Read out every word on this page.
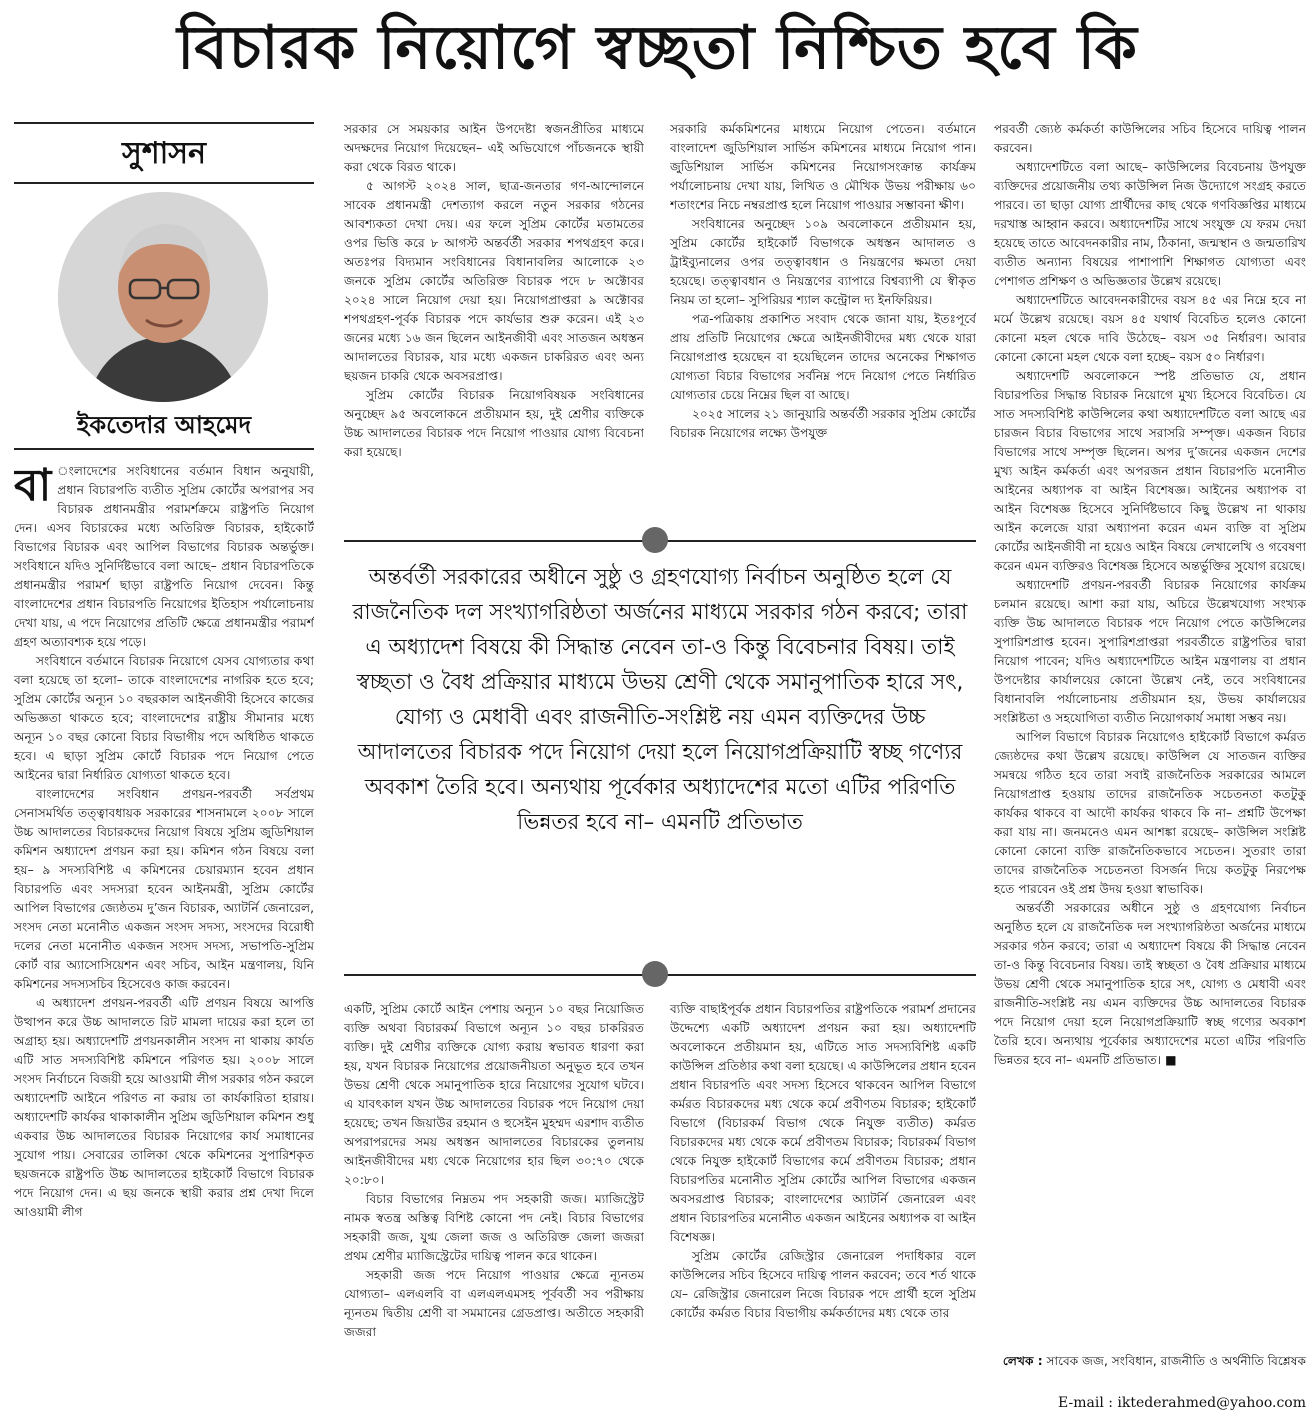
বিচারক নিয়োগে স্বচ্ছতা নিশ্চিত হবে কি
সুশাসন
ইকতেদার আহমেদ

বা ংলাদেশের সংবিধানের বর্তমান বিধান অনুযায়ী, প্রধান বিচারপতি ব্যতীত সুপ্রিম কোর্টের অপরাপর সব বিচারক প্রধানমন্ত্রীর পরামর্শক্রমে রাষ্ট্রপতি নিয়োগ দেন। এসব বিচারকের মধ্যে অতিরিক্ত বিচারক, হাইকোর্ট বিভাগের বিচারক এবং আপিল বিভাগের বিচারক অন্তর্ভুক্ত। সংবিধানে যদিও সুনির্দিষ্টভাবে বলা আছে– প্রধান বিচারপতিকে প্রধানমন্ত্রীর পরামর্শ ছাড়া রাষ্ট্রপতি নিয়োগ দেবেন। কিন্তু বাংলাদেশের প্রধান বিচারপতি নিয়োগের ইতিহাস পর্যালোচনায় দেখা যায়, এ পদে নিয়োগের প্রতিটি ক্ষেত্রে প্রধানমন্ত্রীর পরামর্শ গ্রহণ অত্যাবশ্যক হয়ে পড়ে।

সংবিধানে বর্তমানে বিচারক নিয়োগে যেসব যোগ্যতার কথা বলা হয়েছে তা হলো– তাকে বাংলাদেশের নাগরিক হতে হবে; সুপ্রিম কোর্টের অন্যূন ১০ বছরকাল আইনজীবী হিসেবে কাজের অভিজ্ঞতা থাকতে হবে; বাংলাদেশের রাষ্ট্রীয় সীমানার মধ্যে অন্যূন ১০ বছর কোনো বিচার বিভাগীয় পদে অধিষ্ঠিত থাকতে হবে। এ ছাড়া সুপ্রিম কোর্টে বিচারক পদে নিয়োগ পেতে আইনের দ্বারা নির্ধারিত যোগ্যতা থাকতে হবে।

বাংলাদেশের সংবিধান প্রণয়ন-পরবর্তী সর্বপ্রথম সেনাসমর্থিত তত্ত্বাবধায়ক সরকারের শাসনামলে ২০০৮ সালে উচ্চ আদালতের বিচারকদের নিয়োগ বিষয়ে সুপ্রিম জুডিশিয়াল কমিশন অধ্যাদেশ প্রণয়ন করা হয়। কমিশন গঠন বিষয়ে বলা হয়– ৯ সদস্যবিশিষ্ট এ কমিশনের চেয়ারম্যান হবেন প্রধান বিচারপতি এবং সদস্যরা হবেন আইনমন্ত্রী, সুপ্রিম কোর্টের আপিল বিভাগের জ্যেষ্ঠতম দু’জন বিচারক, অ্যাটর্নি জেনারেল, সংসদ নেতা মনোনীত একজন সংসদ সদস্য, সংসদের বিরোধী দলের নেতা মনোনীত একজন সংসদ সদস্য, সভাপতি-সুপ্রিম কোর্ট বার অ্যাসোসিয়েশন এবং সচিব, আইন মন্ত্রণালয়, যিনি কমিশনের সদস্যসচিব হিসেবেও কাজ করবেন।

এ অধ্যাদেশ প্রণয়ন-পরবর্তী এটি প্রণয়ন বিষয়ে আপত্তি উত্থাপন করে উচ্চ আদালতে রিট মামলা দায়ের করা হলে তা অগ্রাহ্য হয়। অধ্যাদেশটি প্রণয়নকালীন সংসদ না থাকায় কার্যত এটি সাত সদস্যবিশিষ্ট কমিশনে পরিণত হয়। ২০০৮ সালে সংসদ নির্বাচনে বিজয়ী হয়ে আওয়ামী লীগ সরকার গঠন করলে অধ্যাদেশটি আইনে পরিণত না করায় তা কার্যকারিতা হারায়। অধ্যাদেশটি কার্যকর থাকাকালীন সুপ্রিম জুডিশিয়াল কমিশন শুধু একবার উচ্চ আদালতের বিচারক নিয়োগের কার্য সমাধানের সুযোগ পায়। সেবারের তালিকা থেকে কমিশনের সুপারিশকৃত ছয়জনকে রাষ্ট্রপতি উচ্চ আদালতের হাইকোর্ট বিভাগে বিচারক পদে নিয়োগ দেন। এ ছয় জনকে স্থায়ী করার প্রশ্ন দেখা দিলে আওয়ামী লীগ

সরকার সে সময়কার আইন উপদেষ্টা স্বজনপ্রীতির মাধ্যমে অদক্ষদের নিয়োগ দিয়েছেন– এই অভিযোগে পাঁচজনকে স্থায়ী করা থেকে বিরত থাকে।

৫ আগস্ট ২০২৪ সাল, ছাত্র-জনতার গণ-আন্দোলনে সাবেক প্রধানমন্ত্রী দেশত্যাগ করলে নতুন সরকার গঠনের আবশ্যকতা দেখা দেয়। এর ফলে সুপ্রিম কোর্টের মতামতের ওপর ভিত্তি করে ৮ আগস্ট অন্তর্বর্তী সরকার শপথগ্রহণ করে। অতঃপর বিদ্যমান সংবিধানের বিধানাবলির আলোকে ২৩ জনকে সুপ্রিম কোর্টের অতিরিক্ত বিচারক পদে ৮ অক্টোবর ২০২৪ সালে নিয়োগ দেয়া হয়। নিয়োগপ্রাপ্তরা ৯ অক্টোবর শপথগ্রহণ-পূর্বক বিচারক পদে কার্যভার শুরু করেন। এই ২৩ জনের মধ্যে ১৬ জন ছিলেন আইনজীবী এবং সাতজন অধস্তন আদালতের বিচারক, যার মধ্যে একজন চাকরিরত এবং অন্য ছয়জন চাকরি থেকে অবসরপ্রাপ্ত।

সুপ্রিম কোর্টের বিচারক নিয়োগবিষয়ক সংবিধানের অনুচ্ছেদ ৯৫ অবলোকনে প্রতীয়মান হয়, দুই শ্রেণীর ব্যক্তিকে উচ্চ আদালতের বিচারক পদে নিয়োগ পাওয়ার যোগ্য বিবেচনা করা হয়েছে।

সরকারি কর্মকমিশনের মাধ্যমে নিয়োগ পেতেন। বর্তমানে বাংলাদেশ জুডিশিয়াল সার্ভিস কমিশনের মাধ্যমে নিয়োগ পান। জুডিশিয়াল সার্ভিস কমিশনের নিয়োগসংক্রান্ত কার্যক্রম পর্যালোচনায় দেখা যায়, লিখিত ও মৌখিক উভয় পরীক্ষায় ৬০ শতাংশের নিচে নম্বরপ্রাপ্ত হলে নিয়োগ পাওয়ার সম্ভাবনা ক্ষীণ।

সংবিধানের অনুচ্ছেদ ১০৯ অবলোকনে প্রতীয়মান হয়, সুপ্রিম কোর্টের হাইকোর্ট বিভাগকে অধস্তন আদালত ও ট্রাইব্যুনালের ওপর তত্ত্বাবধান ও নিয়ন্ত্রণের ক্ষমতা দেয়া হয়েছে। তত্ত্বাবধান ও নিয়ন্ত্রণের ব্যাপারে বিশ্বব্যাপী যে স্বীকৃত নিয়ম তা হলো– সুপিরিয়র শ্যাল কন্ট্রোল দ্য ইনফিরিয়র।

পত্র-পত্রিকায় প্রকাশিত সংবাদ থেকে জানা যায়, ইতঃপূর্বে প্রায় প্রতিটি নিয়োগের ক্ষেত্রে আইনজীবীদের মধ্য থেকে যারা নিয়োগপ্রাপ্ত হয়েছেন বা হয়েছিলেন তাদের অনেকের শিক্ষাগত যোগ্যতা বিচার বিভাগের সর্বনিম্ন পদে নিয়োগ পেতে নির্ধারিত যোগ্যতার চেয়ে নিম্নের ছিল বা আছে।

২০২৫ সালের ২১ জানুয়ারি অন্তর্বর্তী সরকার সুপ্রিম কোর্টের বিচারক নিয়োগের লক্ষ্যে উপযুক্ত

অন্তর্বর্তী সরকারের অধীনে সুষ্ঠু ও গ্রহণযোগ্য নির্বাচন অনুষ্ঠিত হলে যে রাজনৈতিক দল সংখ্যাগরিষ্ঠতা অর্জনের মাধ্যমে সরকার গঠন করবে; তারা এ অধ্যাদেশ বিষয়ে কী সিদ্ধান্ত নেবেন তা-ও কিন্তু বিবেচনার বিষয়। তাই স্বচ্ছতা ও বৈধ প্রক্রিয়ার মাধ্যমে উভয় শ্রেণী থেকে সমানুপাতিক হারে সৎ, যোগ্য ও মেধাবী এবং রাজনীতি-সংশ্লিষ্ট নয় এমন ব্যক্তিদের উচ্চ আদালতের বিচারক পদে নিয়োগ দেয়া হলে নিয়োগপ্রক্রিয়াটি স্বচ্ছ গণ্যের অবকাশ তৈরি হবে। অন্যথায় পূর্বেকার অধ্যাদেশের মতো এটির পরিণতি ভিন্নতর হবে না– এমনটি প্রতিভাত

একটি, সুপ্রিম কোর্টে আইন পেশায় অন্যূন ১০ বছর নিয়োজিত ব্যক্তি অথবা বিচারকর্ম বিভাগে অন্যূন ১০ বছর চাকরিরত ব্যক্তি। দুই শ্রেণীর ব্যক্তিকে যোগ্য করায় স্বভাবত ধারণা করা হয়, যখন বিচারক নিয়োগের প্রয়োজনীয়তা অনুভূত হবে তখন উভয় শ্রেণী থেকে সমানুপাতিক হারে নিয়োগের সুযোগ ঘটবে। এ যাবৎকাল যখন উচ্চ আদালতের বিচারক পদে নিয়োগ দেয়া হয়েছে; তখন জিয়াউর রহমান ও হুসেইন মুহম্মদ এরশাদ ব্যতীত অপরাপরদের সময় অধস্তন আদালতের বিচারকের তুলনায় আইনজীবীদের মধ্য থেকে নিয়োগের হার ছিল ৩০:৭০ থেকে ২০:৮০।

বিচার বিভাগের নিম্নতম পদ সহকারী জজ। ম্যাজিস্ট্রেট নামক স্বতন্ত্র অস্তিত্ব বিশিষ্ট কোনো পদ নেই। বিচার বিভাগের সহকারী জজ, যুগ্ম জেলা জজ ও অতিরিক্ত জেলা জজরা প্রথম শ্রেণীর ম্যাজিস্ট্রেটের দায়িত্ব পালন করে থাকেন।

সহকারী জজ পদে নিয়োগ পাওয়ার ক্ষেত্রে ন্যূনতম যোগ্যতা– এলএলবি বা এলএলএমসহ পূর্ববর্তী সব পরীক্ষায় ন্যূনতম দ্বিতীয় শ্রেণী বা সমমানের গ্রেডপ্রাপ্ত। অতীতে সহকারী জজরা

ব্যক্তি বাছাইপূর্বক প্রধান বিচারপতির রাষ্ট্রপতিকে পরামর্শ প্রদানের উদ্দেশ্যে একটি অধ্যাদেশ প্রণয়ন করা হয়। অধ্যাদেশটি অবলোকনে প্রতীয়মান হয়, এটিতে সাত সদস্যবিশিষ্ট একটি কাউন্সিল প্রতিষ্ঠার কথা বলা হয়েছে। এ কাউন্সিলের প্রধান হবেন প্রধান বিচারপতি এবং সদস্য হিসেবে থাকবেন আপিল বিভাগে কর্মরত বিচারকদের মধ্য থেকে কর্মে প্রবীণতম বিচারক; হাইকোর্ট বিভাগে (বিচারকর্ম বিভাগ থেকে নিযুক্ত ব্যতীত) কর্মরত বিচারকদের মধ্য থেকে কর্মে প্রবীণতম বিচারক; বিচারকর্ম বিভাগ থেকে নিযুক্ত হাইকোর্ট বিভাগের কর্মে প্রবীণতম বিচারক; প্রধান বিচারপতির মনোনীত সুপ্রিম কোর্টের আপিল বিভাগের একজন অবসরপ্রাপ্ত বিচারক; বাংলাদেশের অ্যাটর্নি জেনারেল এবং প্রধান বিচারপতির মনোনীত একজন আইনের অধ্যাপক বা আইন বিশেষজ্ঞ।

সুপ্রিম কোর্টের রেজিস্ট্রার জেনারেল পদাধিকার বলে কাউন্সিলের সচিব হিসেবে দায়িত্ব পালন করবেন; তবে শর্ত থাকে যে– রেজিস্ট্রার জেনারেল নিজে বিচারক পদে প্রার্থী হলে সুপ্রিম কোর্টের কর্মরত বিচার বিভাগীয় কর্মকর্তাদের মধ্য থেকে তার

পরবর্তী জ্যেষ্ঠ কর্মকর্তা কাউন্সিলের সচিব হিসেবে দায়িত্ব পালন করবেন।

অধ্যাদেশটিতে বলা আছে– কাউন্সিলের বিবেচনায় উপযুক্ত ব্যক্তিদের প্রয়োজনীয় তথ্য কাউন্সিল নিজ উদ্যোগে সংগ্রহ করতে পারবে। তা ছাড়া যোগ্য প্রার্থীদের কাছ থেকে গণবিজ্ঞপ্তির মাধ্যমে দরখাস্ত আহ্বান করবে। অধ্যাদেশটির সাথে সংযুক্ত যে ফরম দেয়া হয়েছে তাতে আবেদনকারীর নাম, ঠিকানা, জন্মস্থান ও জন্মতারিখ ব্যতীত অন্যান্য বিষয়ের পাশাপাশি শিক্ষাগত যোগ্যতা এবং পেশাগত প্রশিক্ষণ ও অভিজ্ঞতার উল্লেখ রয়েছে।

অধ্যাদেশটিতে আবেদনকারীদের বয়স ৪৫ এর নিম্নে হবে না মর্মে উল্লেখ রয়েছে। বয়স ৪৫ যথার্থ বিবেচিত হলেও কোনো কোনো মহল থেকে দাবি উঠেছে– বয়স ৩৫ নির্ধারণ। আবার কোনো কোনো মহল থেকে বলা হচ্ছে– বয়স ৫০ নির্ধারণ।

অধ্যাদেশটি অবলোকনে স্পষ্ট প্রতিভাত যে, প্রধান বিচারপতির সিদ্ধান্ত বিচারক নিয়োগে মুখ্য হিসেবে বিবেচিত। যে সাত সদস্যবিশিষ্ট কাউন্সিলের কথা অধ্যাদেশটিতে বলা আছে এর চারজন বিচার বিভাগের সাথে সরাসরি সম্পৃক্ত। একজন বিচার বিভাগের সাথে সম্পৃক্ত ছিলেন। অপর দু’জনের একজন দেশের মুখ্য আইন কর্মকর্তা এবং অপরজন প্রধান বিচারপতি মনোনীত আইনের অধ্যাপক বা আইন বিশেষজ্ঞ। আইনের অধ্যাপক বা আইন বিশেষজ্ঞ হিসেবে সুনির্দিষ্টভাবে কিছু উল্লেখ না থাকায় আইন কলেজে যারা অধ্যাপনা করেন এমন ব্যক্তি বা সুপ্রিম কোর্টের আইনজীবী না হয়েও আইন বিষয়ে লেখালেখি ও গবেষণা করেন এমন ব্যক্তিরও বিশেষজ্ঞ হিসেবে অন্তর্ভুক্তির সুযোগ রয়েছে।

অধ্যাদেশটি প্রণয়ন-পরবর্তী বিচারক নিয়োগের কার্যক্রম চলমান রয়েছে। আশা করা যায়, অচিরে উল্লেখযোগ্য সংখ্যক ব্যক্তি উচ্চ আদালতে বিচারক পদে নিয়োগ পেতে কাউন্সিলের সুপারিশপ্রাপ্ত হবেন। সুপারিশপ্রাপ্তরা পরবর্তীতে রাষ্ট্রপতির দ্বারা নিয়োগ পাবেন; যদিও অধ্যাদেশটিতে আইন মন্ত্রণালয় বা প্রধান উপদেষ্টার কার্যালয়ের কোনো উল্লেখ নেই, তবে সংবিধানের বিধানাবলি পর্যালোচনায় প্রতীয়মান হয়, উভয় কার্যালয়ের সংশ্লিষ্টতা ও সহযোগিতা ব্যতীত নিয়োগকার্য সমাধা সম্ভব নয়।

আপিল বিভাগে বিচারক নিয়োগেও হাইকোর্ট বিভাগে কর্মরত জ্যেষ্ঠদের কথা উল্লেখ রয়েছে। কাউন্সিল যে সাতজন ব্যক্তির সমন্বয়ে গঠিত হবে তারা সবাই রাজনৈতিক সরকারের আমলে নিয়োগপ্রাপ্ত হওয়ায় তাদের রাজনৈতিক সচেতনতা কতটুকু কার্যকর থাকবে বা আদৌ কার্যকর থাকবে কি না– প্রশ্নটি উপেক্ষা করা যায় না। জনমনেও এমন আশঙ্কা রয়েছে– কাউন্সিল সংশ্লিষ্ট কোনো কোনো ব্যক্তি রাজনৈতিকভাবে সচেতন। সুতরাং তারা তাদের রাজনৈতিক সচেতনতা বিসর্জন দিয়ে কতটুকু নিরপেক্ষ হতে পারবেন ওই প্রশ্ন উদয় হওয়া স্বাভাবিক।

অন্তর্বর্তী সরকারের অধীনে সুষ্ঠু ও গ্রহণযোগ্য নির্বাচন অনুষ্ঠিত হলে যে রাজনৈতিক দল সংখ্যাগরিষ্ঠতা অর্জনের মাধ্যমে সরকার গঠন করবে; তারা এ অধ্যাদেশ বিষয়ে কী সিদ্ধান্ত নেবেন তা-ও কিন্তু বিবেচনার বিষয়। তাই স্বচ্ছতা ও বৈধ প্রক্রিয়ার মাধ্যমে উভয় শ্রেণী থেকে সমানুপাতিক হারে সৎ, যোগ্য ও মেধাবী এবং রাজনীতি-সংশ্লিষ্ট নয় এমন ব্যক্তিদের উচ্চ আদালতের বিচারক পদে নিয়োগ দেয়া হলে নিয়োগপ্রক্রিয়াটি স্বচ্ছ গণ্যের অবকাশ তৈরি হবে। অন্যথায় পূর্বেকার অধ্যাদেশের মতো এটির পরিণতি ভিন্নতর হবে না– এমনটি প্রতিভাত। ■

লেখক : সাবেক জজ, সংবিধান, রাজনীতি ও অর্থনীতি বিশ্লেষক
E-mail : iktederahmed@yahoo.com
